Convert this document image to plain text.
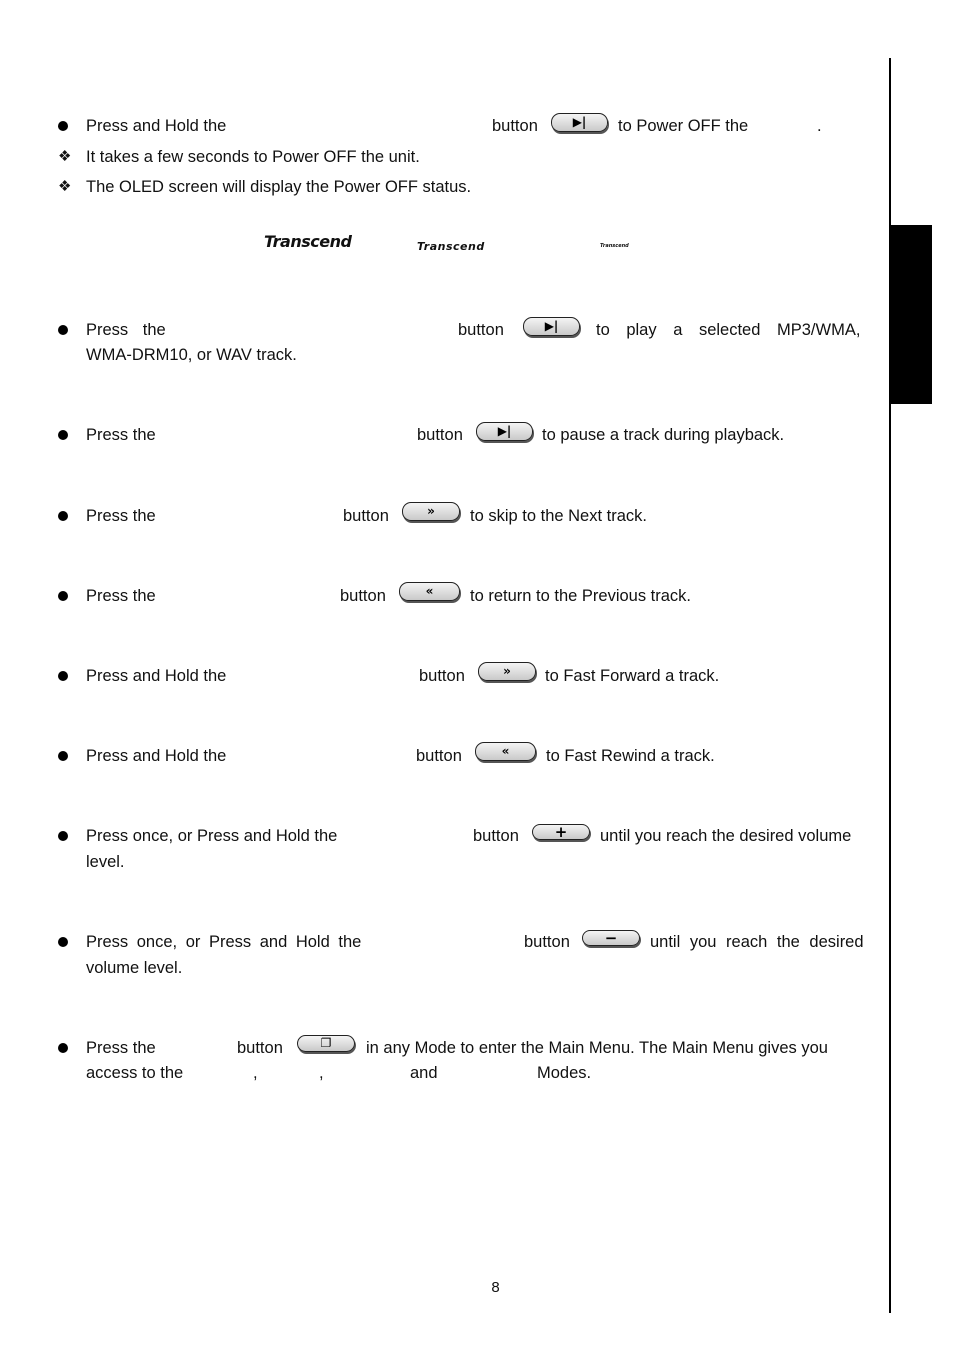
Press and Hold the	button	▶|	to Power OFF the	.
❖ It takes a few seconds to Power OFF the unit.
❖ The OLED screen will display the Power OFF status.
Transcend	Transcend	Transcend
Press the	button	▶|	to play a selected MP3/WMA,
WMA-DRM10, or WAV track.
Press the	button	▶|	to pause a track during playback.
Press the	button	»	to skip to the Next track.
Press the	button	«	to return to the Previous track.
Press and Hold the	button	»	to Fast Forward a track.
Press and Hold the	button	«	to Fast Rewind a track.
Press once, or Press and Hold the	button	+	until you reach the desired volume
level.
Press once, or Press and Hold the	button	−	until you reach the desired
volume level.
Press the	button	❐	in any Mode to enter the Main Menu. The Main Menu gives you
access to the	,	,	and	Modes.
8
